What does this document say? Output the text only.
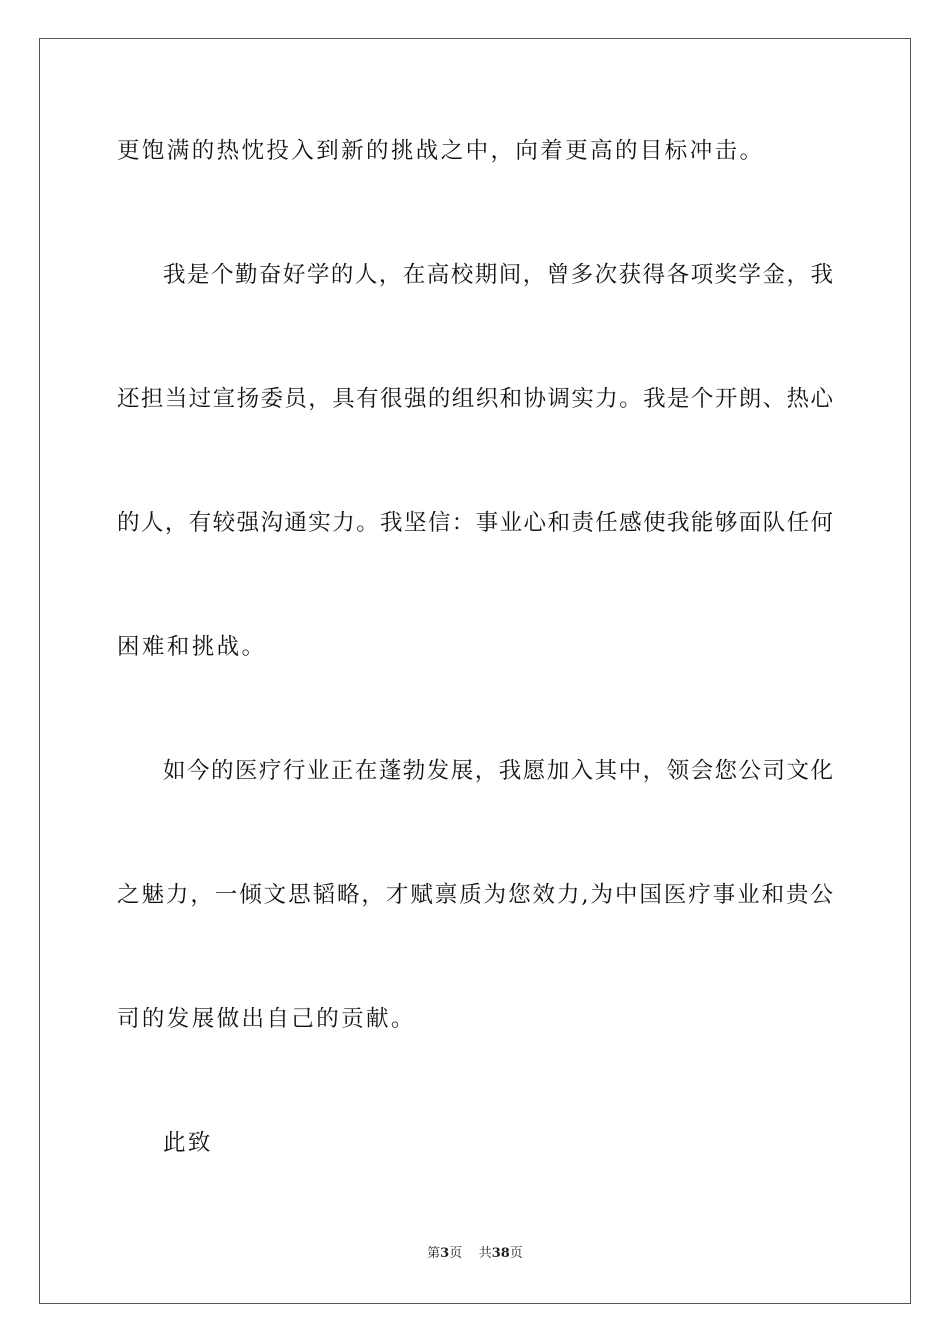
更饱满的热忱投入到新的挑战之中，向着更高的目标冲击。
我是个勤奋好学的人，在高校期间，曾多次获得各项奖学金，我
还担当过宣扬委员，具有很强的组织和协调实力。我是个开朗、热心
的人，有较强沟通实力。我坚信：事业心和责任感使我能够面队任何
困难和挑战。
如今的医疗行业正在蓬勃发展，我愿加入其中，领会您公司文化
之魅力，一倾文思韬略，才赋禀质为您效力,为中国医疗事业和贵公
司的发展做出自己的贡献。
此致
第3页 共38页
